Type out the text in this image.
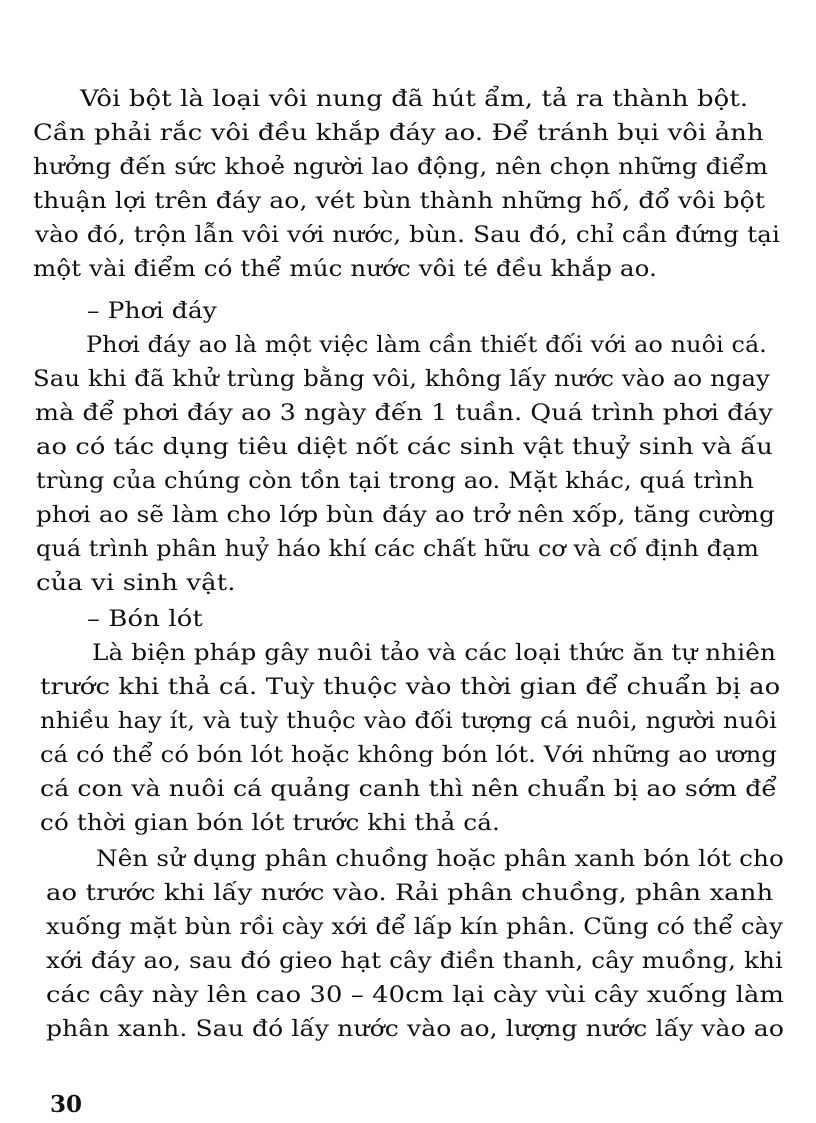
Vôi bột là loại vôi nung đã hút ẩm, tả ra thành bột.
Cần phải rắc vôi đều khắp đáy ao. Để tránh bụi vôi ảnh
hưởng đến sức khoẻ người lao động, nên chọn những điểm
thuận lợi trên đáy ao, vét bùn thành những hố, đổ vôi bột
vào đó, trộn lẫn vôi với nước, bùn. Sau đó, chỉ cần đứng tại
một vài điểm có thể múc nước vôi té đều khắp ao.
– Phơi đáy
Phơi đáy ao là một việc làm cần thiết đối với ao nuôi cá.
Sau khi đã khử trùng bằng vôi, không lấy nước vào ao ngay
mà để phơi đáy ao 3 ngày đến 1 tuần. Quá trình phơi đáy
ao có tác dụng tiêu diệt nốt các sinh vật thuỷ sinh và ấu
trùng của chúng còn tồn tại trong ao. Mặt khác, quá trình
phơi ao sẽ làm cho lớp bùn đáy ao trở nên xốp, tăng cường
quá trình phân huỷ háo khí các chất hữu cơ và cố định đạm
của vi sinh vật.
– Bón lót
Là biện pháp gây nuôi tảo và các loại thức ăn tự nhiên
trước khi thả cá. Tuỳ thuộc vào thời gian để chuẩn bị ao
nhiều hay ít, và tuỳ thuộc vào đối tượng cá nuôi, người nuôi
cá có thể có bón lót hoặc không bón lót. Với những ao ương
cá con và nuôi cá quảng canh thì nên chuẩn bị ao sớm để
có thời gian bón lót trước khi thả cá.
Nên sử dụng phân chuồng hoặc phân xanh bón lót cho
ao trước khi lấy nước vào. Rải phân chuồng, phân xanh
xuống mặt bùn rồi cày xới để lấp kín phân. Cũng có thể cày
xới đáy ao, sau đó gieo hạt cây điền thanh, cây muồng, khi
các cây này lên cao 30 – 40cm lại cày vùi cây xuống làm
phân xanh. Sau đó lấy nước vào ao, lượng nước lấy vào ao
30
